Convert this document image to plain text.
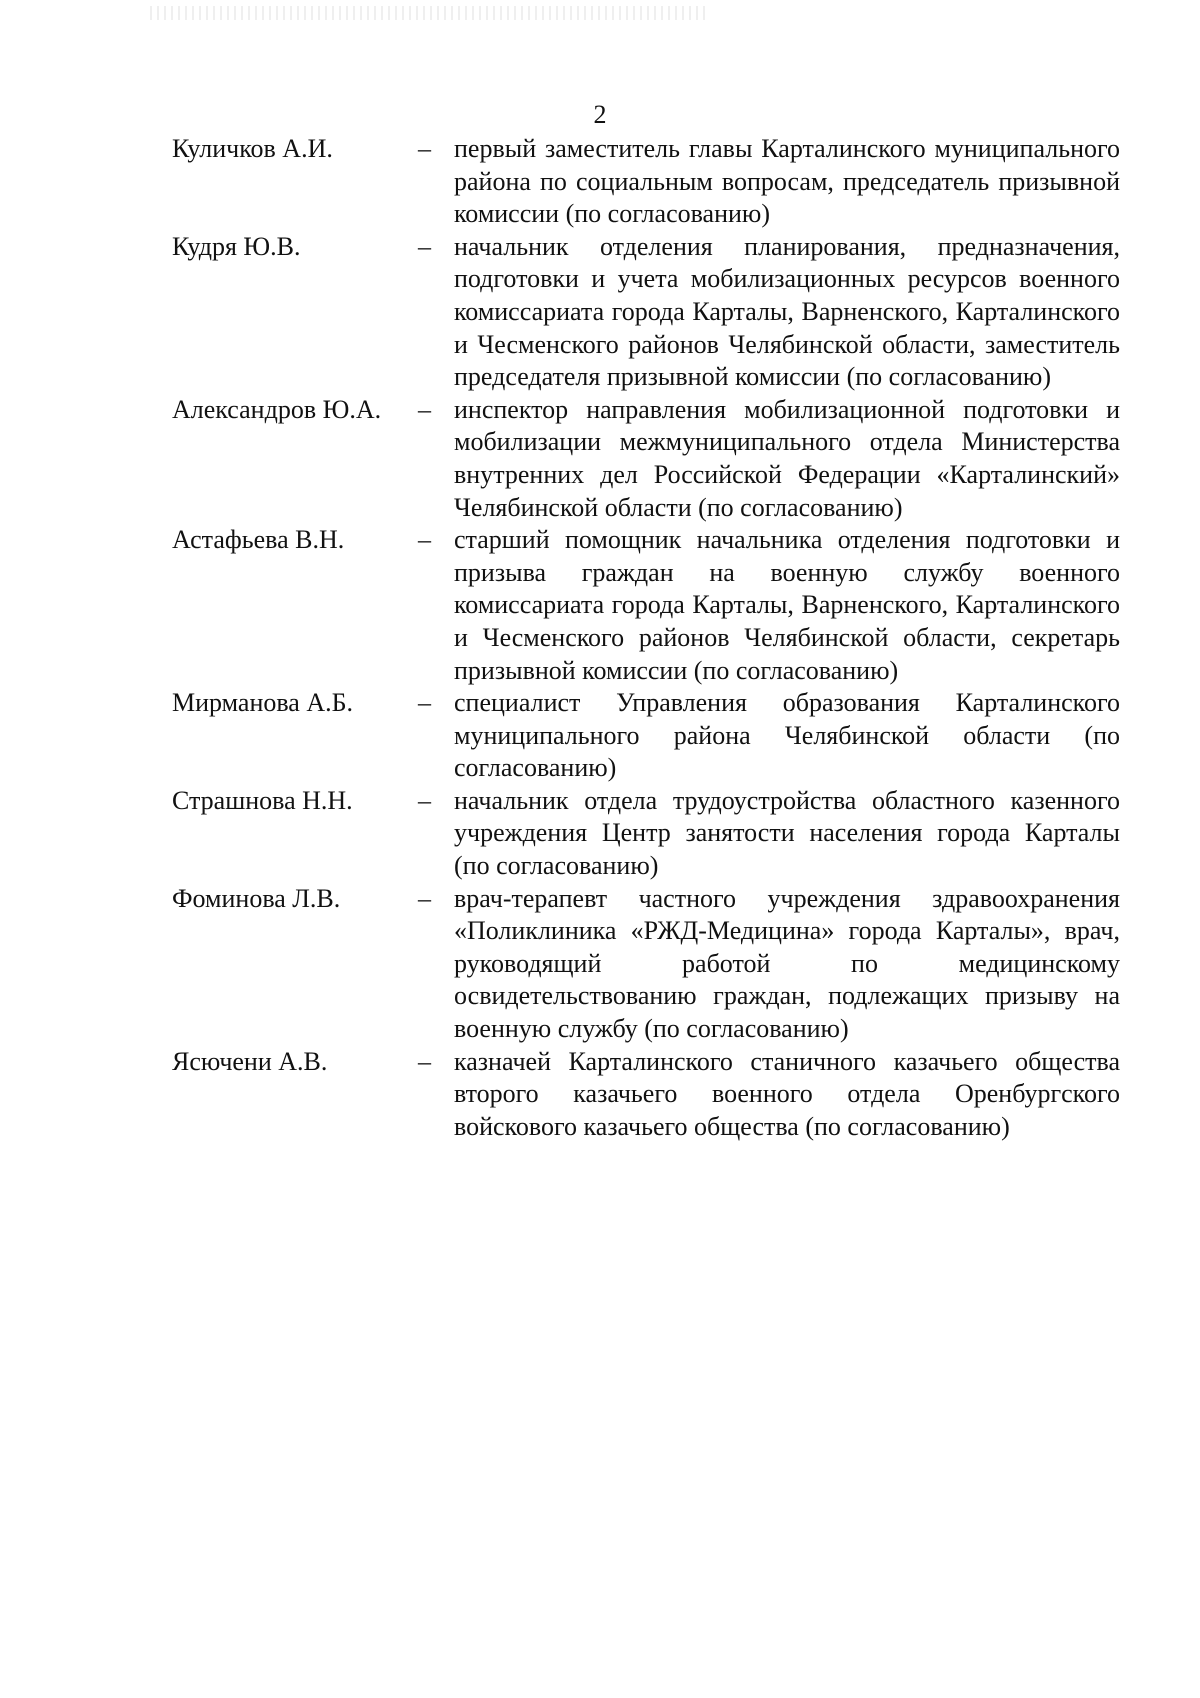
2
Куличков А.И.	– первый заместитель главы Карталинского муниципального района по социальным вопросам, председатель призывной комиссии (по согласованию)
Кудря Ю.В.	– начальник отделения планирования, предназначения, подготовки и учета мобилизационных ресурсов военного комиссариата города Карталы, Варненского, Карталинского и Чесменского районов Челябинской области, заместитель председателя призывной комиссии (по согласованию)
Александров Ю.А.	– инспектор направления мобилизационной подготовки и мобилизации межмуниципального отдела Министерства внутренних дел Российской Федерации «Карталинский» Челябинской области (по согласованию)
Астафьева В.Н.	– старший помощник начальника отделения подготовки и призыва граждан на военную службу военного комиссариата города Карталы, Варненского, Карталинского и Чесменского районов Челябинской области, секретарь призывной комиссии (по согласованию)
Мирманова А.Б.	– специалист Управления образования Карталинского муниципального района Челябинской области (по согласованию)
Страшнова Н.Н.	– начальник отдела трудоустройства областного казенного учреждения Центр занятости населения города Карталы (по согласованию)
Фоминова Л.В.	– врач-терапевт частного учреждения здравоохранения «Поликлиника «РЖД-Медицина» города Карталы», врач, руководящий работой по медицинскому освидетельствованию граждан, подлежащих призыву на военную службу (по согласованию)
Ясючени А.В.	– казначей Карталинского станичного казачьего общества второго казачьего военного отдела Оренбургского войскового казачьего общества (по согласованию)
